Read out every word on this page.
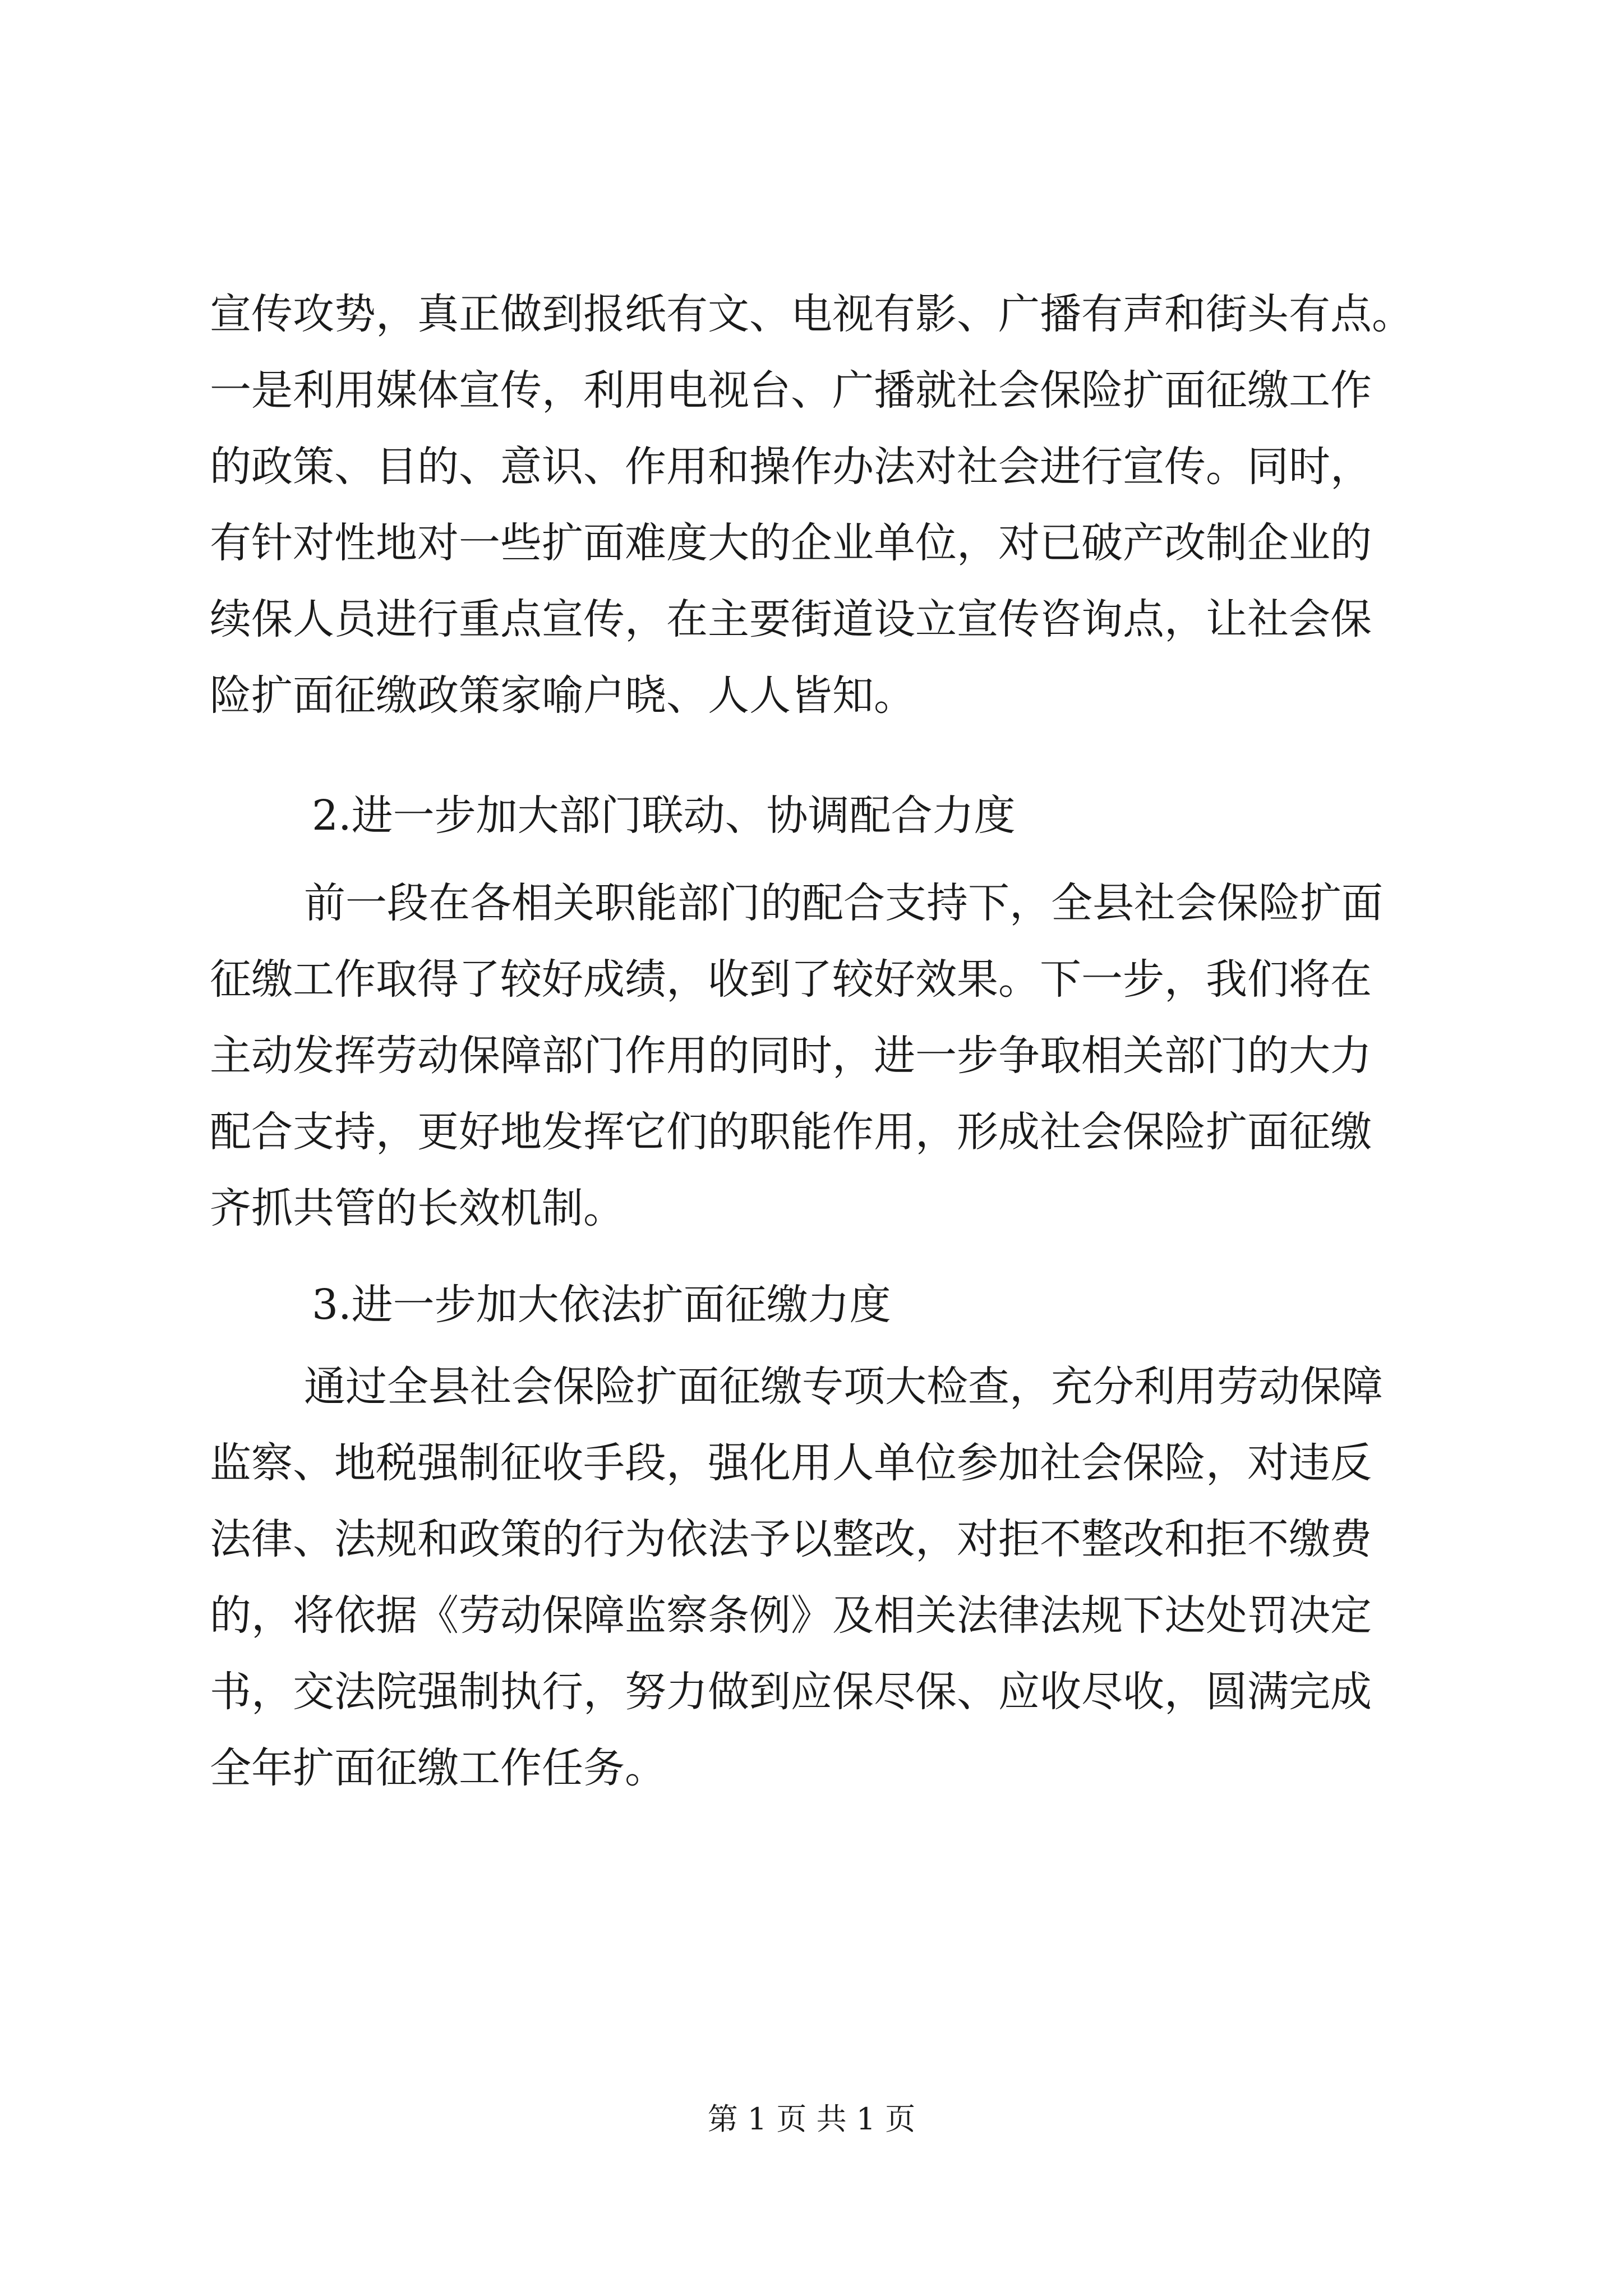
宣传攻势，真正做到报纸有文、电视有影、广播有声和街头有点。

一是利用媒体宣传，利用电视台、广播就社会保险扩面征缴工作

的政策、目的、意识、作用和操作办法对社会进行宣传。同时，

有针对性地对一些扩面难度大的企业单位，对已破产改制企业的

续保人员进行重点宣传，在主要街道设立宣传咨询点，让社会保

险扩面征缴政策家喻户晓、人人皆知。

2.进一步加大部门联动、协调配合力度

前一段在各相关职能部门的配合支持下，全县社会保险扩面

征缴工作取得了较好成绩，收到了较好效果。下一步，我们将在

主动发挥劳动保障部门作用的同时，进一步争取相关部门的大力

配合支持，更好地发挥它们的职能作用，形成社会保险扩面征缴

齐抓共管的长效机制。

3.进一步加大依法扩面征缴力度

通过全县社会保险扩面征缴专项大检查，充分利用劳动保障

监察、地税强制征收手段，强化用人单位参加社会保险，对违反

法律、法规和政策的行为依法予以整改，对拒不整改和拒不缴费

的，将依据《劳动保障监察条例》及相关法律法规下达处罚决定

书，交法院强制执行，努力做到应保尽保、应收尽收，圆满完成

全年扩面征缴工作任务。

第 1 页 共 1 页
